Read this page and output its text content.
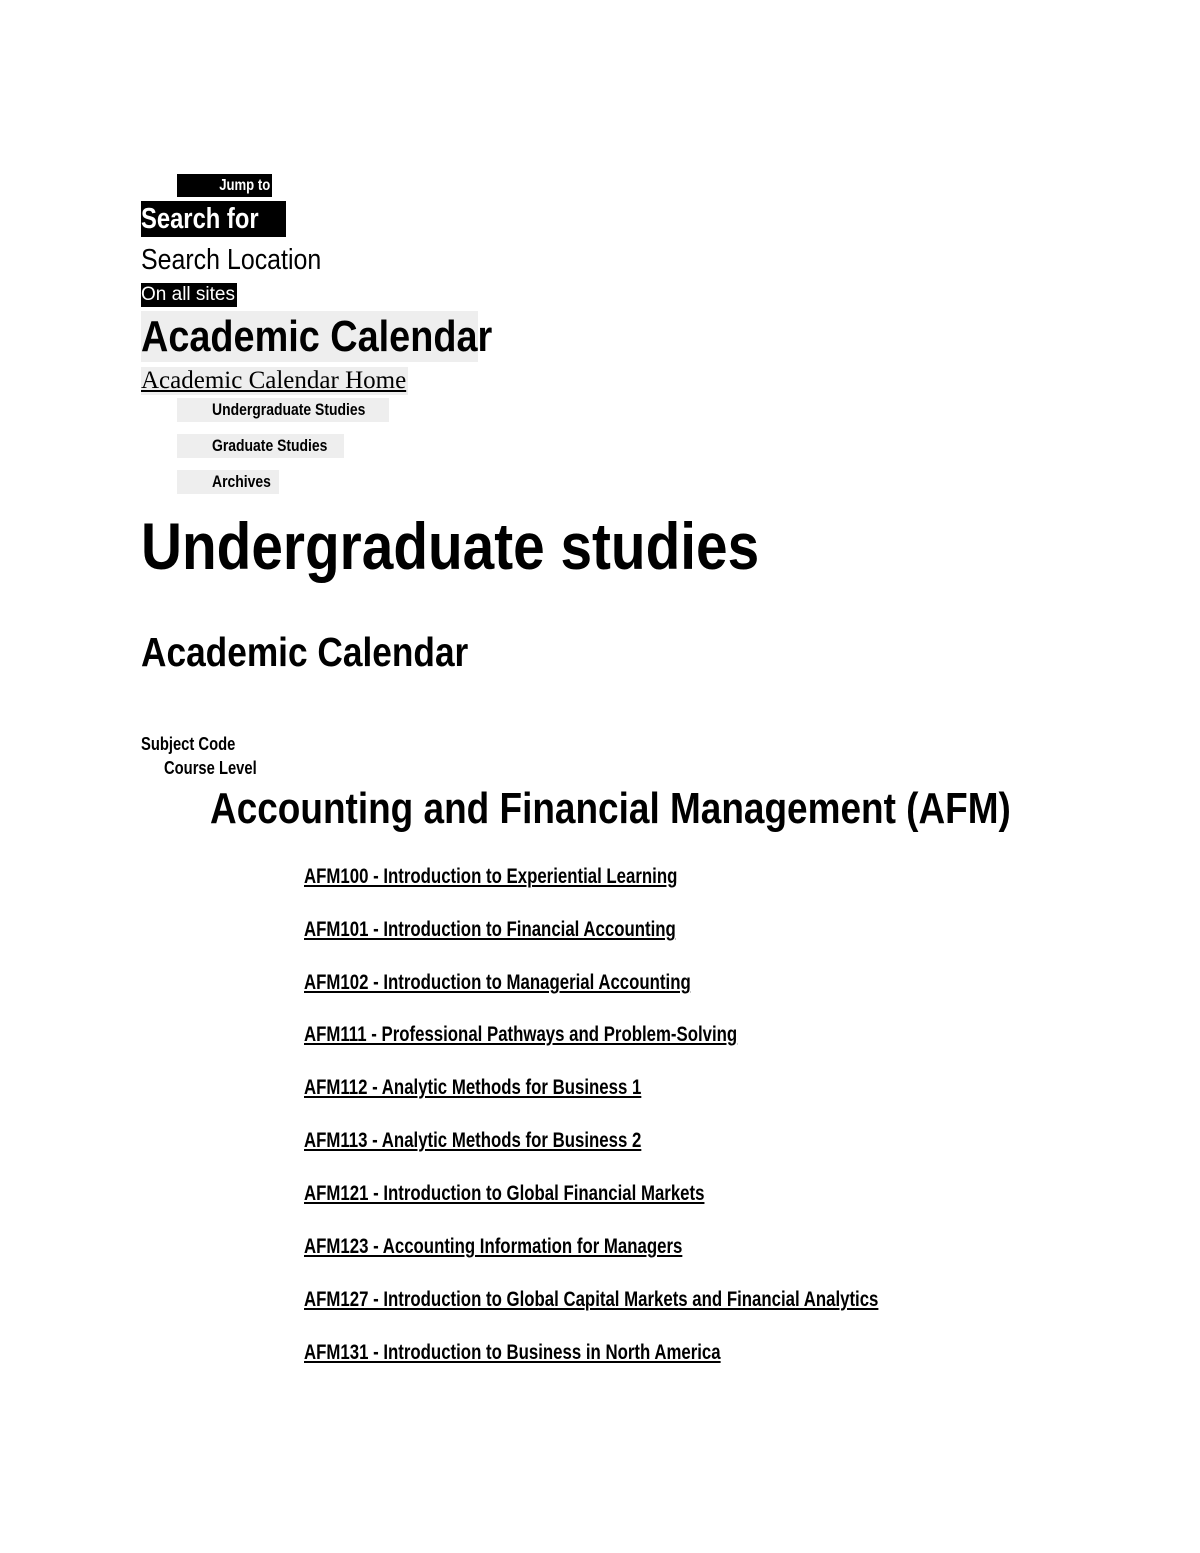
Jump to
Search for
Search Location
On all sites
Academic Calendar
Academic Calendar Home
Undergraduate Studies
Graduate Studies
Archives
Undergraduate studies
Academic Calendar
Subject Code
Course Level
Accounting and Financial Management (AFM)
AFM100 - Introduction to Experiential Learning
AFM101 - Introduction to Financial Accounting
AFM102 - Introduction to Managerial Accounting
AFM111 - Professional Pathways and Problem-Solving
AFM112 - Analytic Methods for Business 1
AFM113 - Analytic Methods for Business 2
AFM121 - Introduction to Global Financial Markets
AFM123 - Accounting Information for Managers
AFM127 - Introduction to Global Capital Markets and Financial Analytics
AFM131 - Introduction to Business in North America
